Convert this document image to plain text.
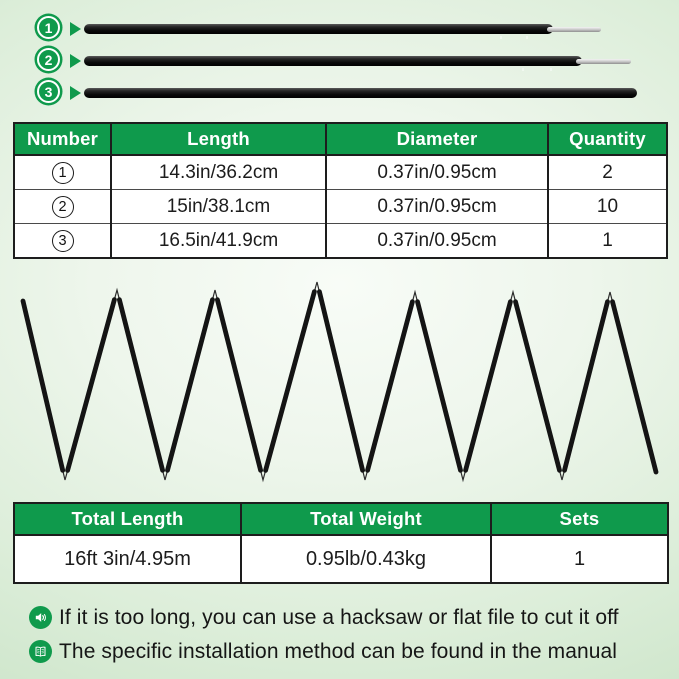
1
2
3
Number	Length	Diameter	Quantity
1	14.3in/36.2cm	0.37in/0.95cm	2
2	15in/38.1cm	0.37in/0.95cm	10
3	16.5in/41.9cm	0.37in/0.95cm	1
Total Length	Total Weight	Sets
16ft 3in/4.95m	0.95lb/0.43kg	1
If it is too long, you can use a hacksaw or flat file to cut it off
The specific installation method can be found in the manual
